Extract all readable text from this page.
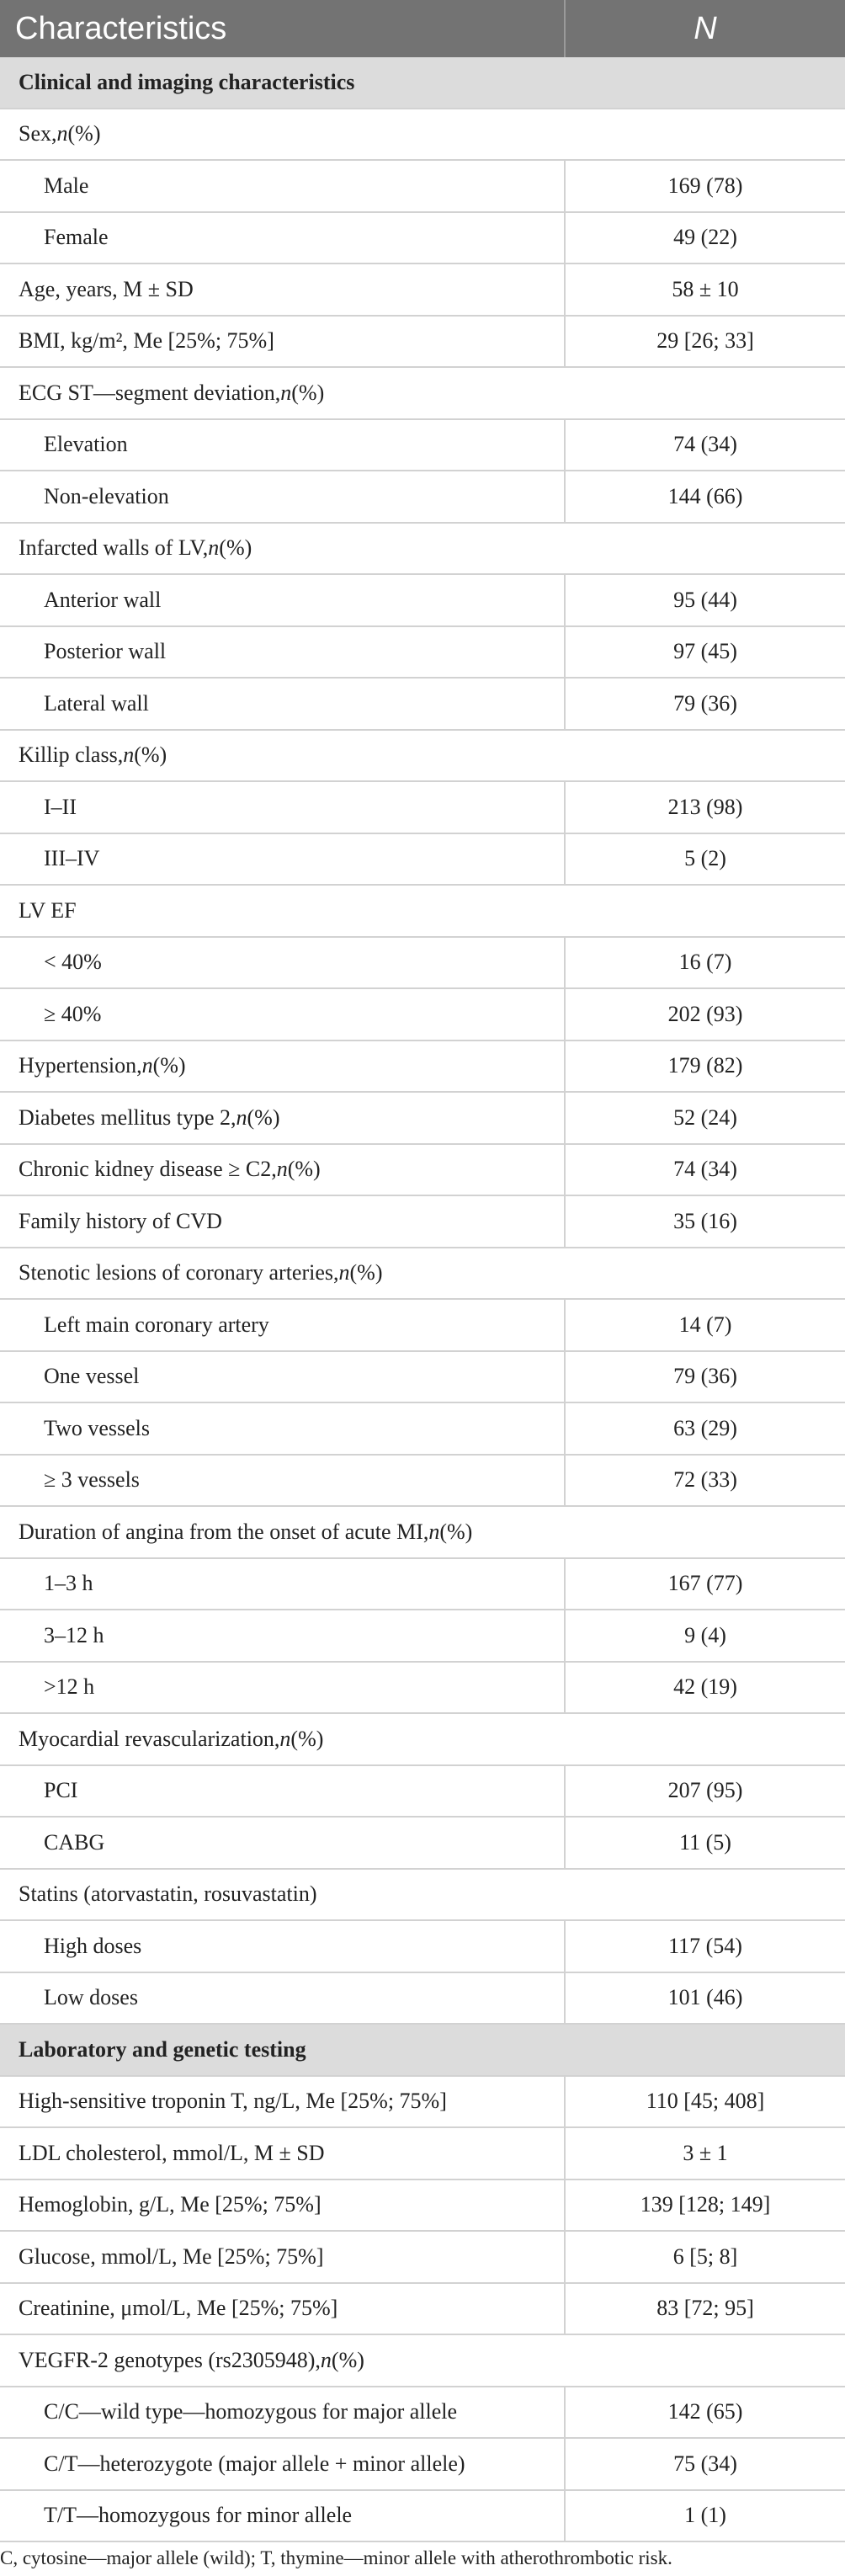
Characteristics	N
Clinical and imaging characteristics
Sex, n (%)
Male	169 (78)
Female	49 (22)
Age, years, M ± SD	58 ± 10
BMI, kg/m², Me [25%; 75%]	29 [26; 33]
ECG ST—segment deviation, n (%)
Elevation	74 (34)
Non-elevation	144 (66)
Infarcted walls of LV, n (%)
Anterior wall	95 (44)
Posterior wall	97 (45)
Lateral wall	79 (36)
Killip class, n (%)
I–II	213 (98)
III–IV	5 (2)
LV EF
< 40%	16 (7)
≥ 40%	202 (93)
Hypertension, n (%)	179 (82)
Diabetes mellitus type 2, n (%)	52 (24)
Chronic kidney disease ≥ C2, n (%)	74 (34)
Family history of CVD	35 (16)
Stenotic lesions of coronary arteries, n (%)
Left main coronary artery	14 (7)
One vessel	79 (36)
Two vessels	63 (29)
≥ 3 vessels	72 (33)
Duration of angina from the onset of acute MI, n (%)
1–3 h	167 (77)
3–12 h	9 (4)
>12 h	42 (19)
Myocardial revascularization, n (%)
PCI	207 (95)
CABG	11 (5)
Statins (atorvastatin, rosuvastatin)
High doses	117 (54)
Low doses	101 (46)
Laboratory and genetic testing
High-sensitive troponin T, ng/L, Me [25%; 75%]	110 [45; 408]
LDL cholesterol, mmol/L, M ± SD	3 ± 1
Hemoglobin, g/L, Me [25%; 75%]	139 [128; 149]
Glucose, mmol/L, Me [25%; 75%]	6 [5; 8]
Creatinine, μmol/L, Me [25%; 75%]	83 [72; 95]
VEGFR-2 genotypes (rs2305948), n (%)
C/C—wild type—homozygous for major allele	142 (65)
C/T—heterozygote (major allele + minor allele)	75 (34)
T/T—homozygous for minor allele	1 (1)
C, cytosine—major allele (wild); T, thymine—minor allele with atherothrombotic risk.
